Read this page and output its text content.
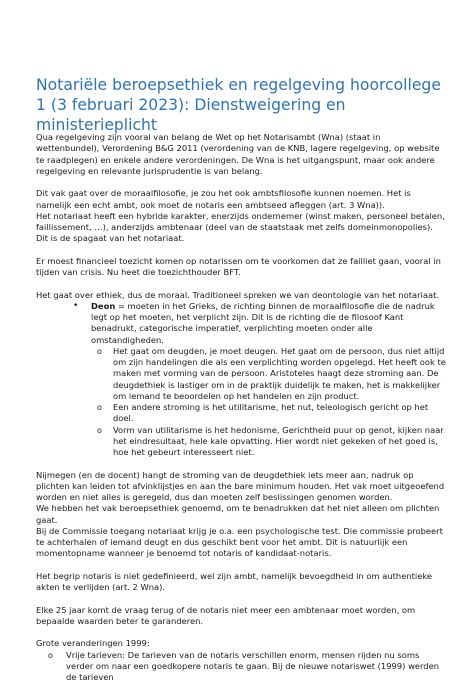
Notariële beroepsethiek en regelgeving hoorcollege 1 (3 februari 2023): Dienstweigering en ministerieplicht

Qua regelgeving zijn vooral van belang de Wet op het Notarisambt (Wna) (staat in wettenbundel), Verordening B&G 2011 (verordening van de KNB, lagere regelgeving, op website te raadplegen) en enkele andere verordeningen. De Wna is het uitgangspunt, maar ook andere regelgeving en relevante jurisprudentie is van belang.

Dit vak gaat over de moraalfilosofie, je zou het ook ambtsfilosofie kunnen noemen. Het is namelijk een echt ambt, ook moet de notaris een ambtseed afleggen (art. 3 Wna)).

Het notariaat heeft een hybride karakter, enerzijds ondernemer (winst maken, personeel betalen, faillissement, …), anderzijds ambtenaar (deel van de staatstaak met zelfs domeinmonopolies). Dit is de spagaat van het notariaat.

Er moest financieel toezicht komen op notarissen om te voorkomen dat ze failliet gaan, vooral in tijden van crisis. Nu heet die toezichthouder BFT.

Het gaat over ethiek, dus de moraal. Traditioneel spreken we van deontologie van het notariaat.

• Deon = moeten in het Grieks, de richting binnen de moraalfilosofie die de nadruk legt op het moeten, het verplicht zijn. Dit is de richting die de filosoof Kant benadrukt, categorische imperatief, verplichting moeten onder alle omstandigheden.
o Het gaat om deugden, je moet deugen. Het gaat om de persoon, dus niet altijd om zijn handelingen die als een verplichting worden opgelegd. Het heeft ook te maken met vorming van de persoon. Aristoteles haagt deze stroming aan. De deugdethiek is lastiger om in de praktijk duidelijk te maken, het is makkelijker om iemand te beoordelen op het handelen en zijn product.
o Een andere stroming is het utilitarisme, het nut, teleologisch gericht op het doel.
o Vorm van utilitarisme is het hedonisme, Gerichtheid puur op genot, kijken naar het eindresultaat, hele kale opvatting. Hier wordt niet gekeken of het goed is, hoe het gebeurt interesseert niet.

Nijmegen (en de docent) hangt de stroming van de deugdethiek iets meer aan, nadruk op plichten kan leiden tot afvinklijstjes en aan the bare minimum houden. Het vak moet uitgeoefend worden en niet alles is geregeld, dus dan moeten zelf beslissingen genomen worden.

We hebben het vak beroepsethiek genoemd, om te benadrukken dat het niet alleen om plichten gaat.

Bij de Commissie toegang notariaat krijg je o.a. een psychologische test. Die commissie probeert te achterhalen of iemand deugt en dus geschikt bent voor het ambt. Dit is natuurlijk een momentopname wanneer je benoemd tot notaris of kandidaat-notaris.

Het begrip notaris is niet gedefinieerd, wel zijn ambt, namelijk bevoegdheid in om authentieke akten te verlijden (art. 2 Wna).

Elke 25 jaar komt de vraag terug of de notaris niet meer een ambtenaar moet worden, om bepaalde waarden beter te garanderen.

Grote veranderingen 1999:

o Vrije tarieven: De tarieven van de notaris verschillen enorm, mensen rijden nu soms verder om naar een goedkopere notaris te gaan. Bij de nieuwe notariswet (1999) werden de tarieven
